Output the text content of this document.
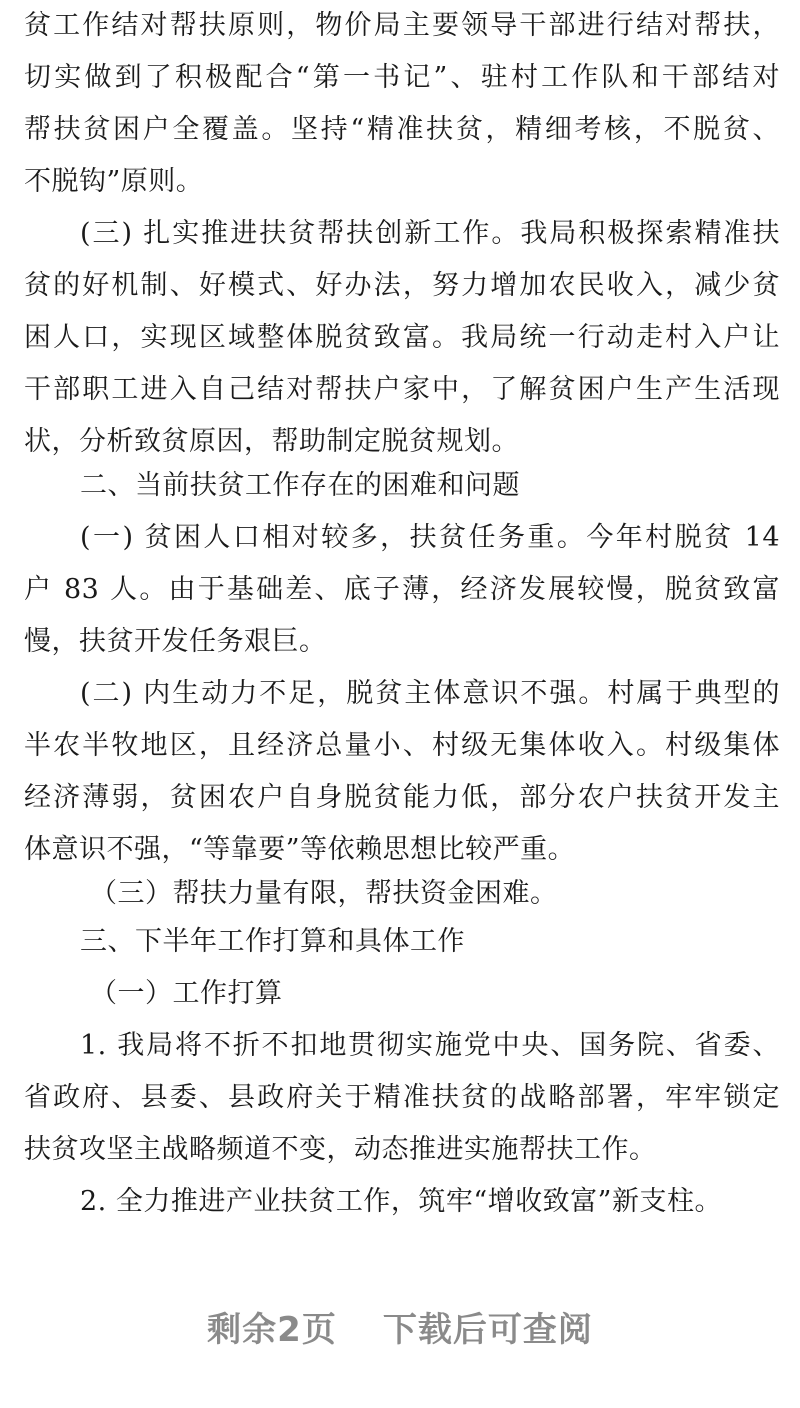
贫工作结对帮扶原则，物价局主要领导干部进行结对帮扶，
切实做到了积极配合“第一书记”、驻村工作队和干部结对
帮扶贫困户全覆盖。坚持“精准扶贫，精细考核，不脱贫、
不脱钩”原则。
(三) 扎实推进扶贫帮扶创新工作。我局积极探索精准扶
贫的好机制、好模式、好办法，努力增加农民收入，减少贫
困人口，实现区域整体脱贫致富。我局统一行动走村入户让
干部职工进入自己结对帮扶户家中，了解贫困户生产生活现
状，分析致贫原因，帮助制定脱贫规划。
二、当前扶贫工作存在的困难和问题
(一) 贫困人口相对较多，扶贫任务重。今年村脱贫 14
户 83 人。由于基础差、底子薄，经济发展较慢，脱贫致富
慢，扶贫开发任务艰巨。
(二) 内生动力不足，脱贫主体意识不强。村属于典型的
半农半牧地区，且经济总量小、村级无集体收入。村级集体
经济薄弱，贫困农户自身脱贫能力低，部分农户扶贫开发主
体意识不强，“等靠要”等依赖思想比较严重。
（三）帮扶力量有限，帮扶资金困难。
三、下半年工作打算和具体工作
（一）工作打算
1. 我局将不折不扣地贯彻实施党中央、国务院、省委、
省政府、县委、县政府关于精准扶贫的战略部署，牢牢锁定
扶贫攻坚主战略频道不变，动态推进实施帮扶工作。
2. 全力推进产业扶贫工作，筑牢“增收致富”新支柱。
剩余2页 下载后可查阅
